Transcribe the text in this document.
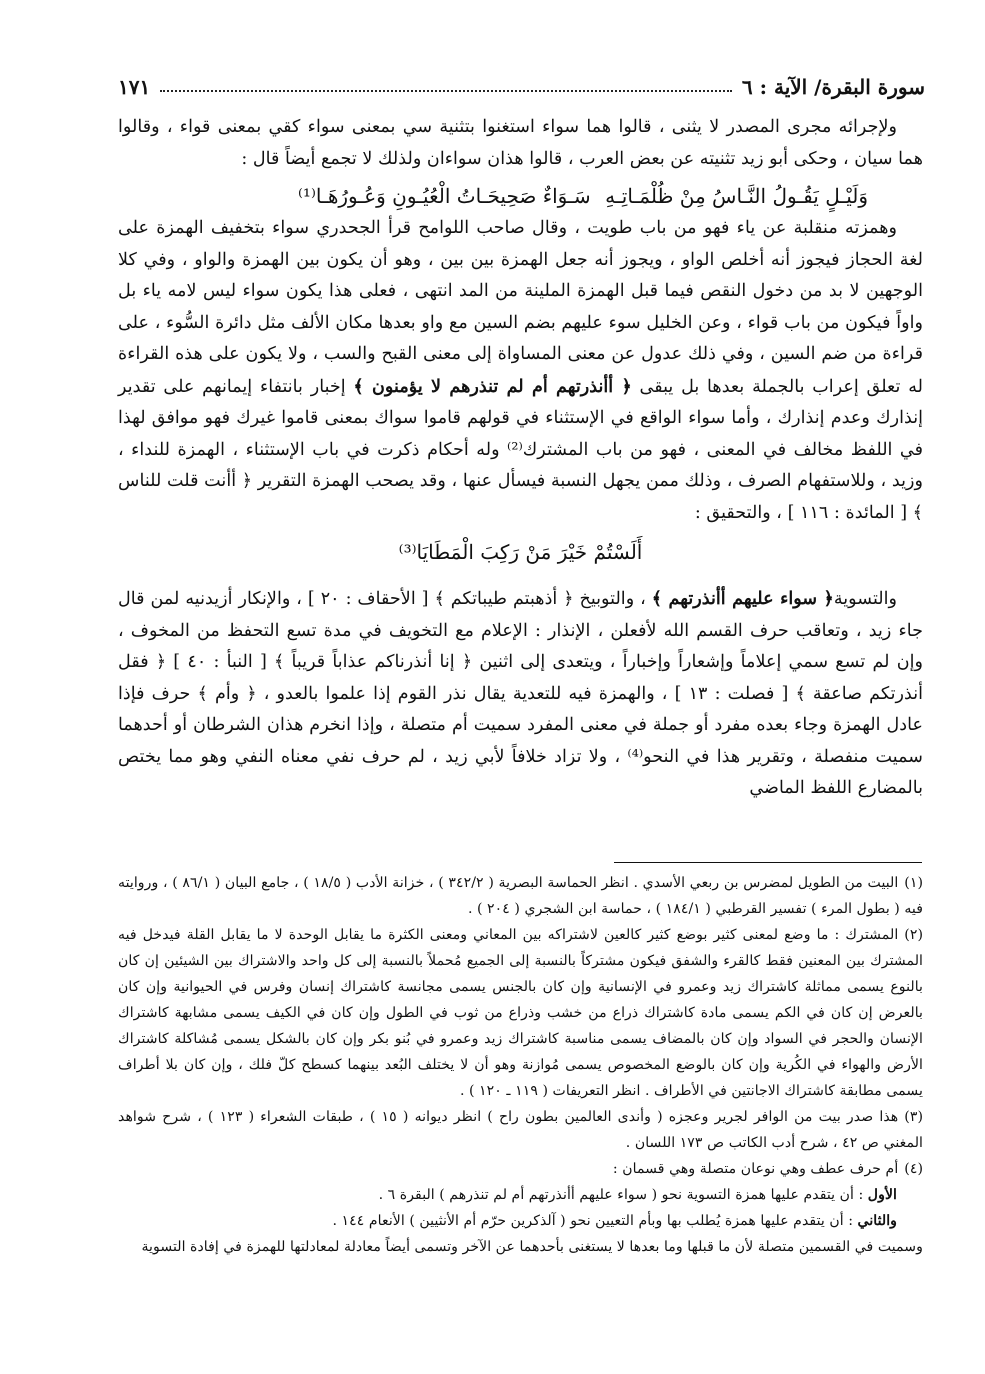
سورة البقرة/ الآية : ٦
١٧١

ولإجرائه مجرى المصدر لا يثنى ، قالوا هما سواء استغنوا بتثنية سي بمعنى سواء كقي بمعنى قواء ، وقالوا هما سيان ، وحكى أبو زيد تثنيته عن بعض العرب ، قالوا هذان سواءان ولذلك لا تجمع أيضاً قال :

وَلَيْـلٍ يَقُـولُ النَّـاسُ مِنْ ظُلْمَـاتِـهِ
سَـوَاءٌ صَحِيحَـاتُ الْعُيُـونِ وَعُـورُهَـا⁽¹⁾

وهمزته منقلبة عن ياء فهو من باب طويت ، وقال صاحب اللوامح قرأ الجحدري سواء بتخفيف الهمزة على لغة الحجاز فيجوز أنه أخلص الواو ، ويجوز أنه جعل الهمزة بين بين ، وهو أن يكون بين الهمزة والواو ، وفي كلا الوجهين لا بد من دخول النقص فيما قبل الهمزة الملينة من المد انتهى ، فعلى هذا يكون سواء ليس لامه ياء بل واواً فيكون من باب قواء ، وعن الخليل سوء عليهم بضم السين مع واو بعدها مكان الألف مثل دائرة السُّوء ، على قراءة من ضم السين ، وفي ذلك عدول عن معنى المساواة إلى معنى القبح والسب ، ولا يكون على هذه القراءة له تعلق إعراب بالجملة بعدها بل يبقى ﴿ أأنذرتهم أم لم تنذرهم لا يؤمنون ﴾ إخبار بانتفاء إيمانهم على تقدير إنذارك وعدم إنذارك ، وأما سواء الواقع في الإستثناء في قولهم قاموا سواك بمعنى قاموا غيرك فهو موافق لهذا في اللفظ مخالف في المعنى ، فهو من باب المشترك⁽²⁾ وله أحكام ذكرت في باب الإستثناء ، الهمزة للنداء ، وزيد ، وللاستفهام الصرف ، وذلك ممن يجهل النسبة فيسأل عنها ، وقد يصحب الهمزة التقرير ﴿ أأنت قلت للناس ﴾ [ المائدة : ١١٦ ] ، والتحقيق :

أَلَسْتُمْ خَيْرَ مَنْ رَكِبَ الْمَطَايَا⁽³⁾

والتسوية﴿ سواء عليهم أأنذرتهم ﴾ ، والتوبيخ ﴿ أذهبتم طيباتكم ﴾ [ الأحقاف : ٢٠ ] ، والإنكار أزيدنيه لمن قال جاء زيد ، وتعاقب حرف القسم الله لأفعلن ، الإنذار : الإعلام مع التخويف في مدة تسع التحفظ من المخوف ، وإن لم تسع سمي إعلاماً وإشعاراً وإخباراً ، ويتعدى إلى اثنين ﴿ إنا أنذرناكم عذاباً قريباً ﴾ [ النبأ : ٤٠ ] ﴿ فقل أنذرتكم صاعقة ﴾ [ فصلت : ١٣ ] ، والهمزة فيه للتعدية يقال نذر القوم إذا علموا بالعدو ، ﴿ وأم ﴾ حرف فإذا عادل الهمزة وجاء بعده مفرد أو جملة في معنى المفرد سميت أم متصلة ، وإذا انخرم هذان الشرطان أو أحدهما سميت منفصلة ، وتقرير هذا في النحو⁽⁴⁾ ، ولا تزاد خلافاً لأبي زيد ، لم حرف نفي معناه النفي وهو مما يختص بالمضارع اللفظ الماضي

(١)البيت من الطويل لمضرس بن ربعي الأسدي . انظر الحماسة البصرية ( ٣٤٢/٢ ) ، خزانة الأدب ( ١٨/٥ ) ، جامع البيان ( ٨٦/١ ) ، وروايته فيه ( بطول المرء ) تفسير القرطبي ( ١٨٤/١ ) ، حماسة ابن الشجري ( ٢٠٤ ) .

(٢)المشترك : ما وضع لمعنى كثير بوضع كثير كالعين لاشتراكه بين المعاني ومعنى الكثرة ما يقابل الوحدة لا ما يقابل القلة فيدخل فيه المشترك بين المعنين فقط كالقرء والشفق فيكون مشتركاً بالنسبة إلى الجميع مُحملاً بالنسبة إلى كل واحد والاشتراك بين الشيئين إن كان بالنوع يسمى مماثلة كاشتراك زيد وعمرو في الإنسانية وإن كان بالجنس يسمى مجانسة كاشتراك إنسان وفرس في الحيوانية وإن كان بالعرض إن كان في الكم يسمى مادة كاشتراك ذراع من خشب وذراع من ثوب في الطول وإن كان في الكيف يسمى مشابهة كاشتراك الإنسان والحجر في السواد وإن كان بالمضاف يسمى مناسبة كاشتراك زيد وعمرو في بُنو بكر وإن كان بالشكل يسمى مُشاكلة كاشتراك الأرض والهواء في الكُرية وإن كان بالوضع المخصوص يسمى مُوازنة وهو أن لا يختلف البُعد بينهما كسطح كلّ فلك ، وإن كان بلا أطراف يسمى مطابقة كاشتراك الاجانتين في الأطراف . انظر التعريفات ( ١١٩ ـ ١٢٠ ) .

(٣)هذا صدر بيت من الوافر لجرير وعجزه ( وأندى العالمين بطون راح ) انظر ديوانه ( ١٥ ) ، طبقات الشعراء ( ١٢٣ ) ، شرح شواهد المغني ص ٤٢ ، شرح أدب الكاتب ص ١٧٣ اللسان .

(٤)أم حرف عطف وهي نوعان متصلة وهي قسمان :

الأول : أن يتقدم عليها همزة التسوية نحو ( سواء عليهم أأنذرتهم أم لم تنذرهم ) البقرة ٦ .

والثاني : أن يتقدم عليها همزة يُطلب بها وبأم التعيين نحو ( آلذكرين حرّم أم الأنثيين ) الأنعام ١٤٤ .

وسميت في القسمين متصلة لأن ما قبلها وما بعدها لا يستغنى بأحدهما عن الآخر وتسمى أيضاً معادلة لمعادلتها للهمزة في إفادة التسوية
